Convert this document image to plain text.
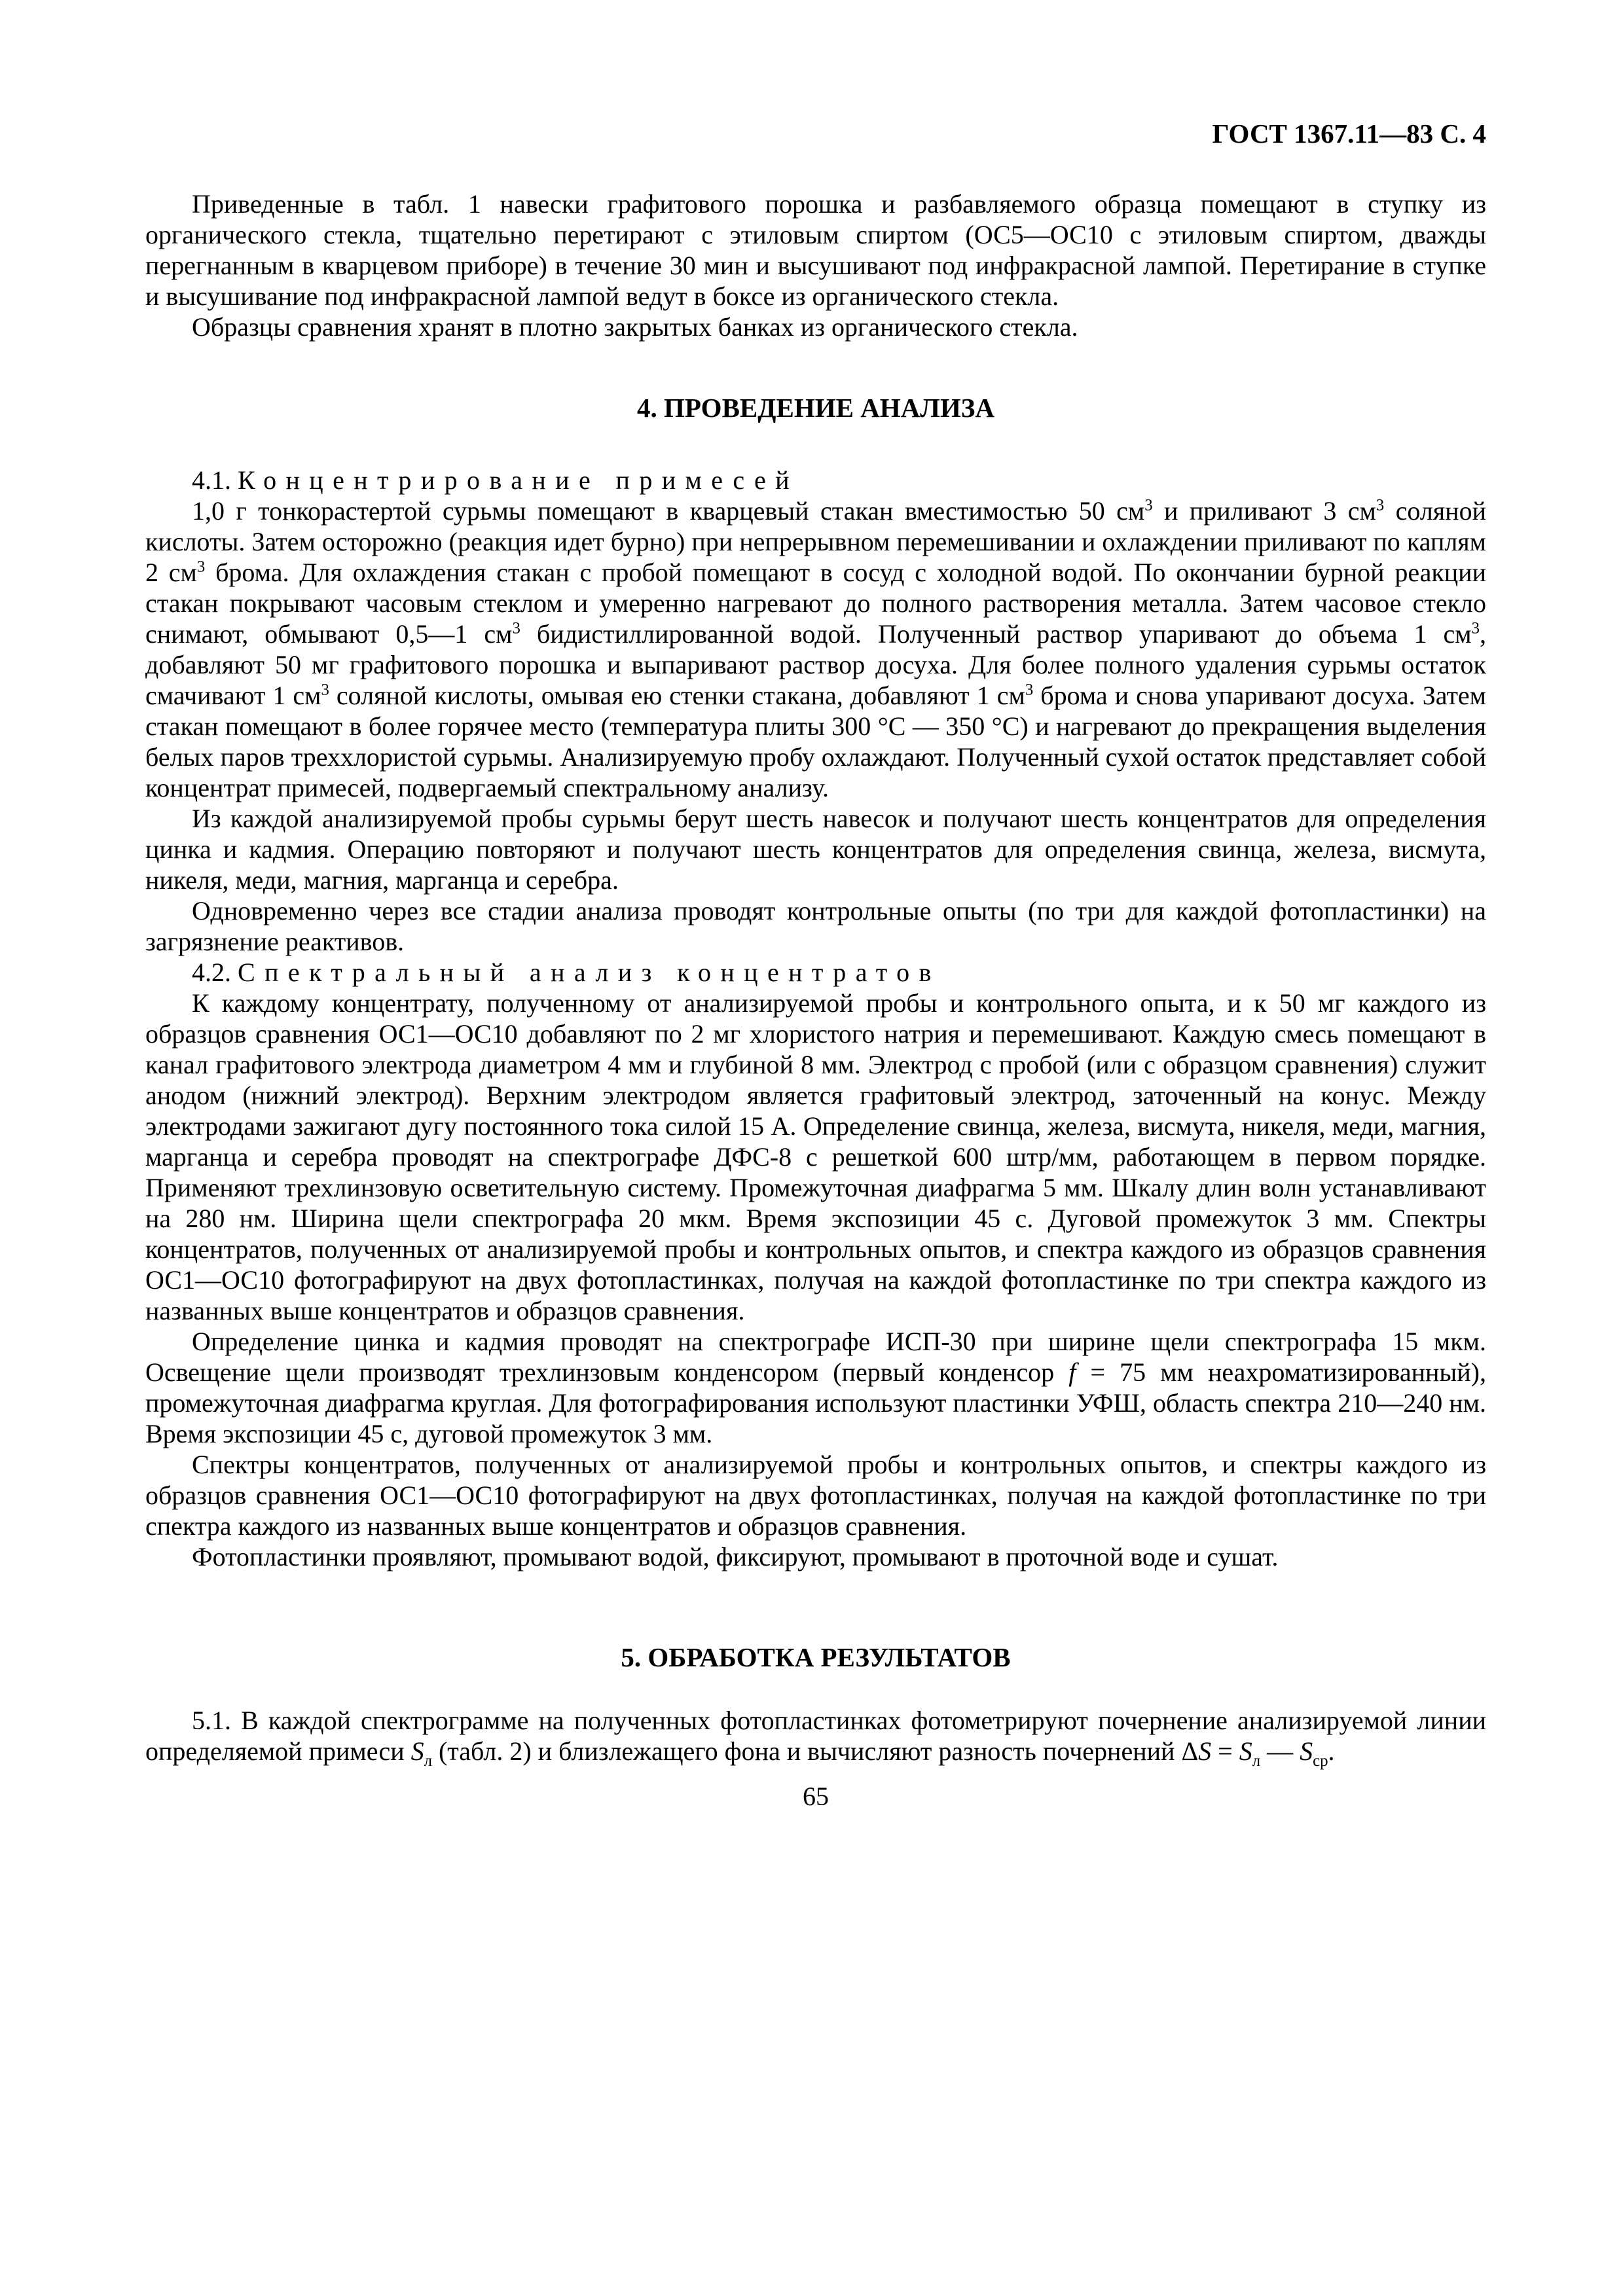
ГОСТ 1367.11—83 С. 4

Приведенные в табл. 1 навески графитового порошка и разбавляемого образца помещают в ступку из органического стекла, тщательно перетирают с этиловым спиртом (ОС5—ОС10 с этиловым спиртом, дважды перегнанным в кварцевом приборе) в течение 30 мин и высушивают под инфракрасной лампой. Перетирание в ступке и высушивание под инфракрасной лампой ведут в боксе из органического стекла.

Образцы сравнения хранят в плотно закрытых банках из органического стекла.

4. ПРОВЕДЕНИЕ АНАЛИЗА

4.1. Концентрирование примесей

1,0 г тонкорастертой сурьмы помещают в кварцевый стакан вместимостью 50 $см^3$ и приливают 3 $см^3$ соляной кислоты. Затем осторожно (реакция идет бурно) при непрерывном перемешивании и охлаждении приливают по каплям 2 $см^3$ брома. Для охлаждения стакан с пробой помещают в сосуд с холодной водой. По окончании бурной реакции стакан покрывают часовым стеклом и умеренно нагревают до полного растворения металла. Затем часовое стекло снимают, обмывают 0,5—1 $см^3$ бидистиллированной водой. Полученный раствор упаривают до объема 1 $см^3$, добавляют 50 мг графитового порошка и выпаривают раствор досуха. Для более полного удаления сурьмы остаток смачивают 1 $см^3$ соляной кислоты, омывая ею стенки стакана, добавляют 1 $см^3$ брома и снова упаривают досуха. Затем стакан помещают в более горячее место (температура плиты 300 °С — 350 °С) и нагревают до прекращения выделения белых паров треххлористой сурьмы. Анализируемую пробу охлаждают. Полученный сухой остаток представляет собой концентрат примесей, подвергаемый спектральному анализу.

Из каждой анализируемой пробы сурьмы берут шесть навесок и получают шесть концентратов для определения цинка и кадмия. Операцию повторяют и получают шесть концентратов для определения свинца, железа, висмута, никеля, меди, магния, марганца и серебра.

Одновременно через все стадии анализа проводят контрольные опыты (по три для каждой фотопластинки) на загрязнение реактивов.

4.2. Спектральный анализ концентратов

К каждому концентрату, полученному от анализируемой пробы и контрольного опыта, и к 50 мг каждого из образцов сравнения ОС1—ОС10 добавляют по 2 мг хлористого натрия и перемешивают. Каждую смесь помещают в канал графитового электрода диаметром 4 мм и глубиной 8 мм. Электрод с пробой (или с образцом сравнения) служит анодом (нижний электрод). Верхним электродом является графитовый электрод, заточенный на конус. Между электродами зажигают дугу постоянного тока силой 15 А. Определение свинца, железа, висмута, никеля, меди, магния, марганца и серебра проводят на спектрографе ДФС-8 с решеткой 600 штр/мм, работающем в первом порядке. Применяют трехлинзовую осветительную систему. Промежуточная диафрагма 5 мм. Шкалу длин волн устанавливают на 280 нм. Ширина щели спектрографа 20 мкм. Время экспозиции 45 с. Дуговой промежуток 3 мм. Спектры концентратов, полученных от анализируемой пробы и контрольных опытов, и спектра каждого из образцов сравнения ОС1—ОС10 фотографируют на двух фотопластинках, получая на каждой фотопластинке по три спектра каждого из названных выше концентратов и образцов сравнения.

Определение цинка и кадмия проводят на спектрографе ИСП-30 при ширине щели спектрографа 15 мкм. Освещение щели производят трехлинзовым конденсором (первый конденсор f = 75 мм неахроматизированный), промежуточная диафрагма круглая. Для фотографирования используют пластинки УФШ, область спектра 210—240 нм. Время экспозиции 45 с, дуговой промежуток 3 мм.

Спектры концентратов, полученных от анализируемой пробы и контрольных опытов, и спектры каждого из образцов сравнения ОС1—ОС10 фотографируют на двух фотопластинках, получая на каждой фотопластинке по три спектра каждого из названных выше концентратов и образцов сравнения.

Фотопластинки проявляют, промывают водой, фиксируют, промывают в проточной воде и сушат.

5. ОБРАБОТКА РЕЗУЛЬТАТОВ

5.1. В каждой спектрограмме на полученных фотопластинках фотометрируют почернение анализируемой линии определяемой примеси $S_л$ (табл. 2) и близлежащего фона и вычисляют разность почернений $\Delta S = S_л$ — $S_{ср}$.

65
